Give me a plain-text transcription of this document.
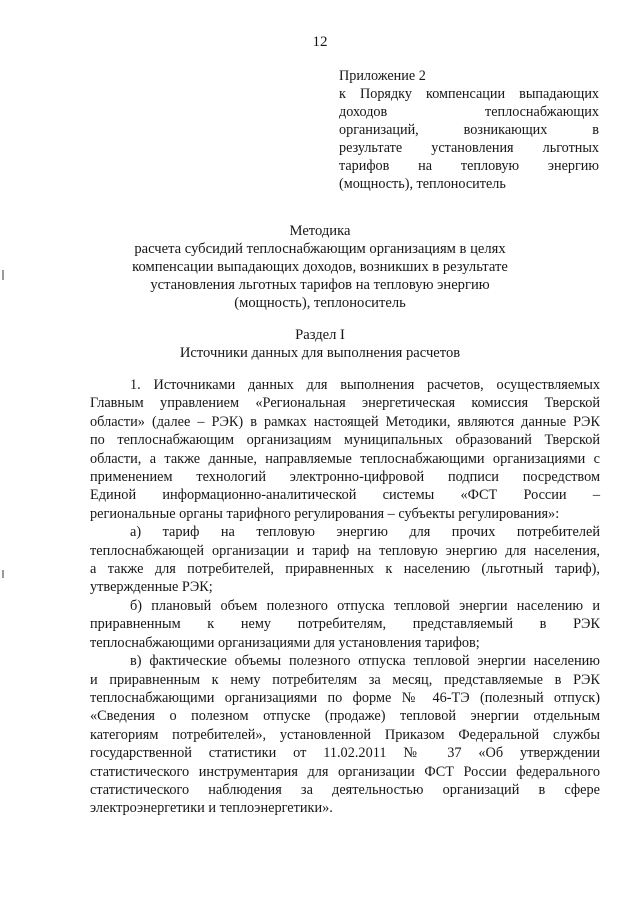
12
Приложение 2
к Порядку компенсации выпадающих
доходов теплоснабжающих
организаций, возникающих в
результате установления льготных
тарифов на тепловую энергию
(мощность), теплоноситель
Методика
расчета субсидий теплоснабжающим организациям в целях
компенсации выпадающих доходов, возникших в результате
установления льготных тарифов на тепловую энергию
(мощность), теплоноситель
Раздел I
Источники данных для выполнения расчетов
1. Источниками данных для выполнения расчетов, осуществляемых
Главным управлением «Региональная энергетическая комиссия Тверской
области» (далее – РЭК) в рамках настоящей Методики, являются данные РЭК
по теплоснабжающим организациям муниципальных образований Тверской
области, а также данные, направляемые теплоснабжающими организациями с
применением технологий электронно-цифровой подписи посредством
Единой информационно-аналитической системы «ФСТ России –
региональные органы тарифного регулирования – субъекты регулирования»:
а) тариф на тепловую энергию для прочих потребителей
теплоснабжающей организации и тариф на тепловую энергию для населения,
а также для потребителей, приравненных к населению (льготный тариф),
утвержденные РЭК;
б) плановый объем полезного отпуска тепловой энергии населению и
приравненным к нему потребителям, представляемый в РЭК
теплоснабжающими организациями для установления тарифов;
в) фактические объемы полезного отпуска тепловой энергии населению
и приравненным к нему потребителям за месяц, представляемые в РЭК
теплоснабжающими организациями по форме № 46-ТЭ (полезный отпуск)
«Сведения о полезном отпуске (продаже) тепловой энергии отдельным
категориям потребителей», установленной Приказом Федеральной службы
государственной статистики от 11.02.2011 № 37 «Об утверждении
статистического инструментария для организации ФСТ России федерального
статистического наблюдения за деятельностью организаций в сфере
электроэнергетики и теплоэнергетики».
